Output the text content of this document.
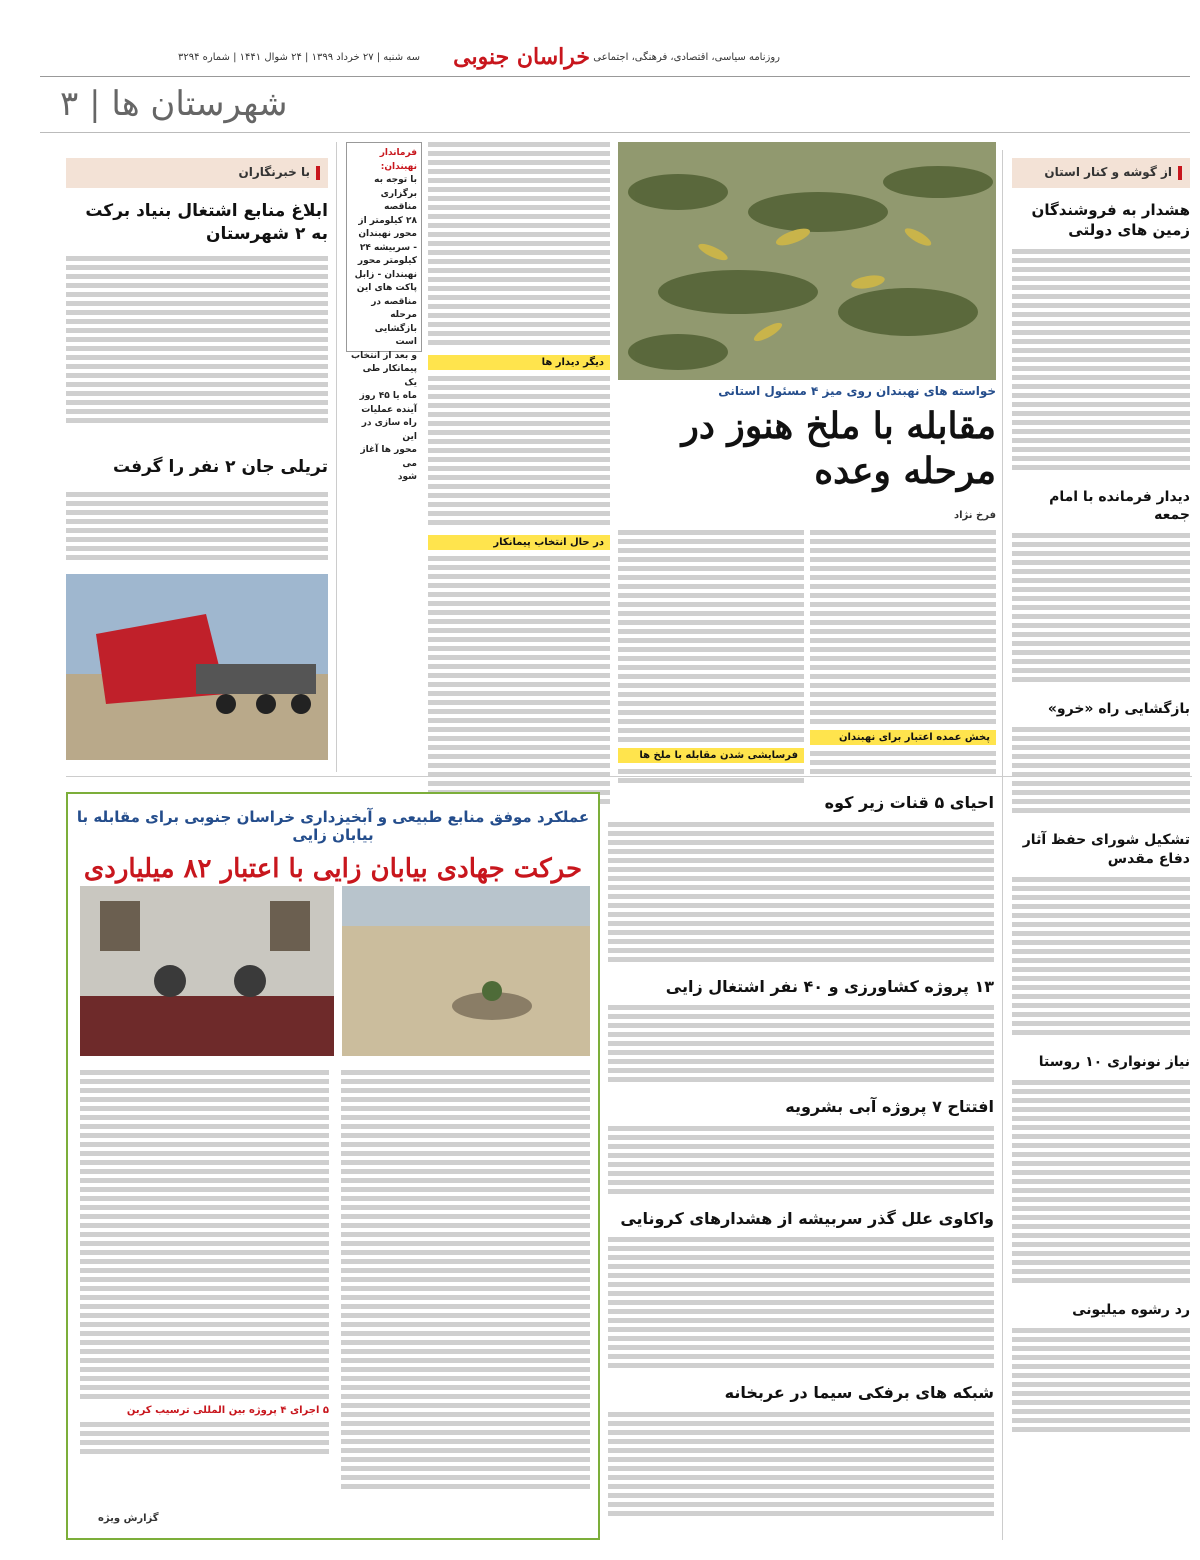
خراسان جنوبی روزنامه سیاسی، اقتصادی، فرهنگی، اجتماعی
سه شنبه | ۲۷ خرداد ۱۳۹۹ | ۲۴ شوال ۱۴۴۱ | شماره ۳۲۹۴
شهرستان ها | ۳
از گوشه و کنار استان
هشدار به فروشندگان زمین های دولتی
دیدار فرمانده با امام جمعه
بازگشایی راه «خرو»
تشکیل شورای حفظ آثار دفاع مقدس
نیاز نونواری ۱۰ روستا
رد رشوه میلیونی
خواسته های نهبندان روی میز ۴ مسئول استانی
مقابله با ملخ هنوز در مرحله وعده
فرخ نژاد
پخش عمده اعتبار برای نهبندان
فرسایشی شدن مقابله با ملخ ها
دیگر دیدار ها
در حال انتخاب پیمانکار
فرماندار نهبندان:
با توجه به
برگزاری مناقصه
۲۸ کیلومتر از
محور نهبندان
- سربیشه ۲۴
کیلومتر محور
نهبندان - زابل
پاکت های این
مناقصه در مرحله
بازگشایی است
و بعد از انتخاب
پیمانکار طی یک
ماه یا ۴۵ روز
آینده عملیات
راه سازی در این
محور ها آغاز می
شود
با خبرنگاران
ابلاغ منابع اشتغال بنیاد برکت به ۲ شهرستان
تریلی جان ۲ نفر را گرفت
عملکرد موفق منابع طبیعی و آبخیزداری خراسان جنوبی برای مقابله با بیابان زایی
حرکت جهادی بیابان زایی با اعتبار ۸۲ میلیاردی
۵ اجرای ۴ پروژه بین المللی ترسیب کربن
گزارش ویژه
احیای ۵ قنات زیر کوه
۱۳ پروژه کشاورزی و ۴۰ نفر اشتغال زایی
افتتاح ۷ پروژه آبی بشرویه
واکاوی علل گذر سربیشه از هشدارهای کرونایی
شبکه های برفکی سیما در عربخانه
